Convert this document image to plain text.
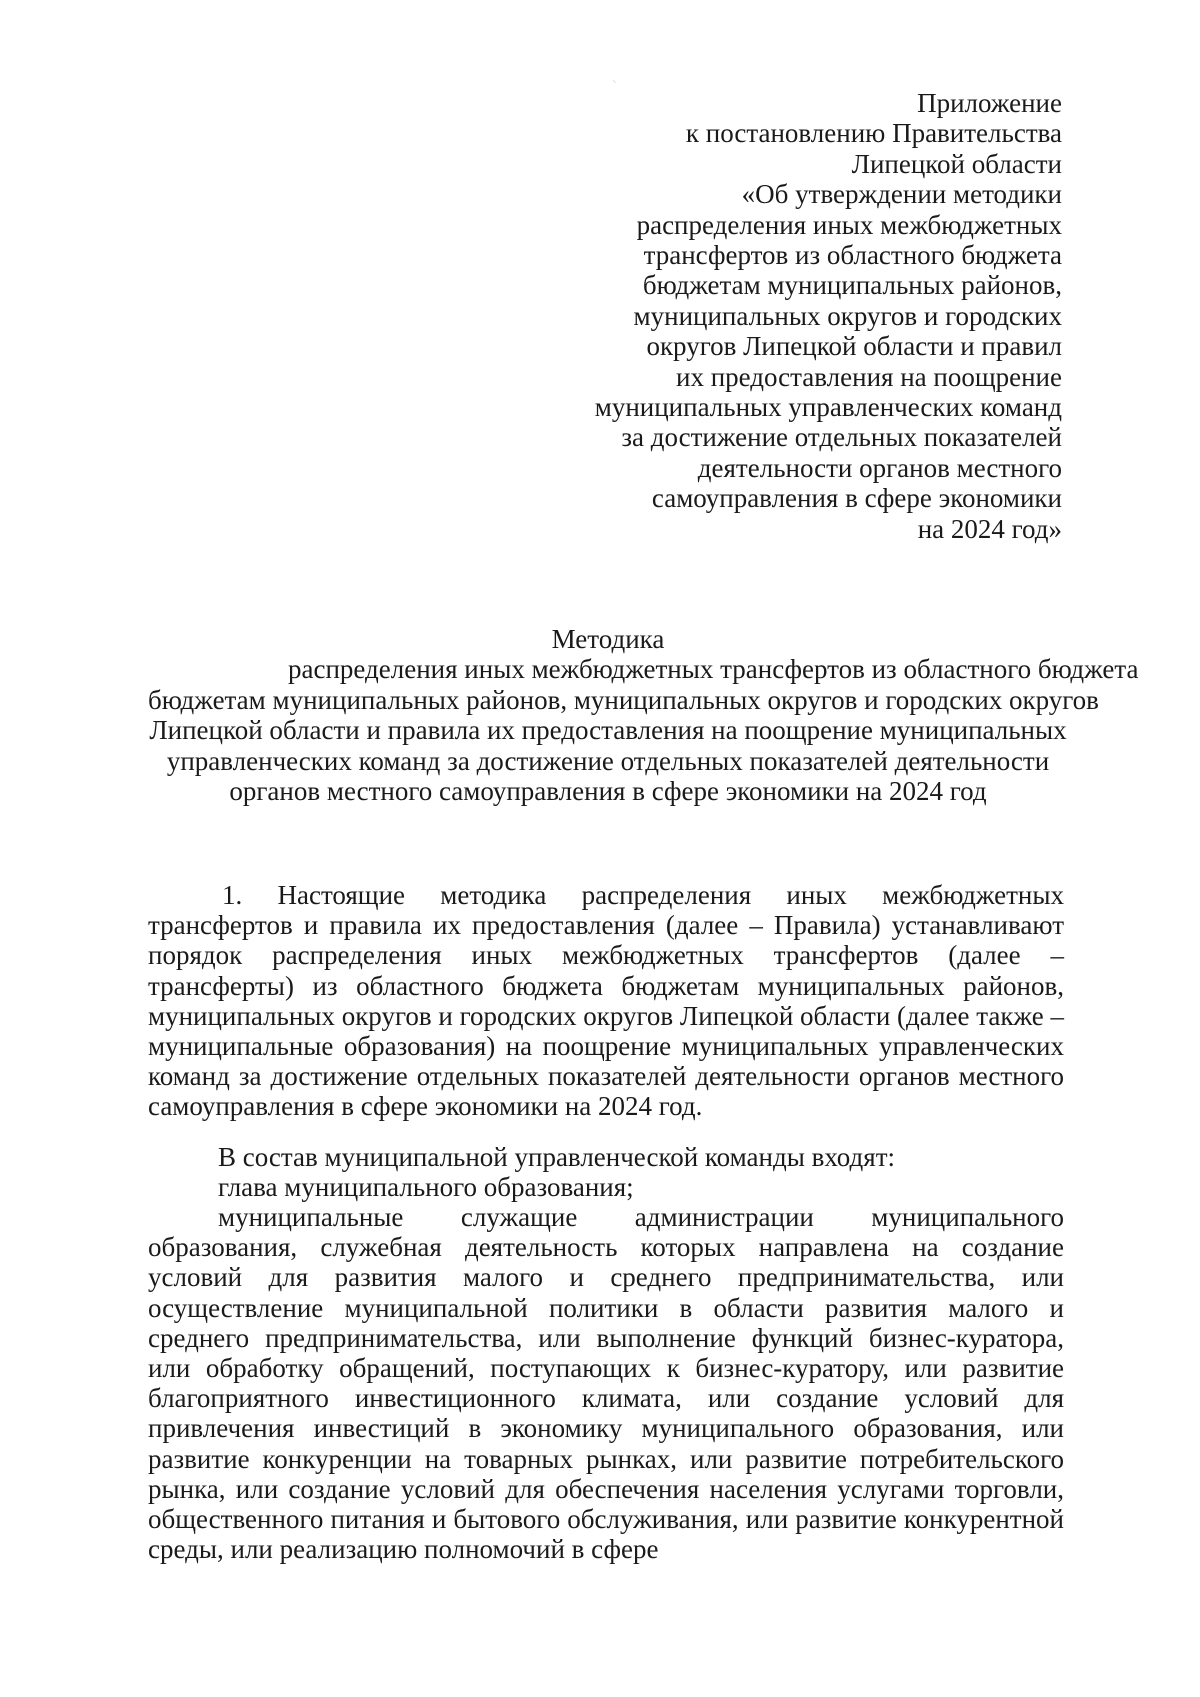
⸌
Приложение
к постановлению Правительства
Липецкой области
«Об утверждении методики
распределения иных межбюджетных
трансфертов из областного бюджета
бюджетам муниципальных районов,
муниципальных округов и городских
округов Липецкой области и правил
их предоставления на поощрение
муниципальных управленческих команд
за достижение отдельных показателей
деятельности органов местного
самоуправления в сфере экономики
на 2024 год»
Методика
распределения иных межбюджетных трансфертов из областного бюджета
бюджетам муниципальных районов, муниципальных округов и городских округов
Липецкой области и правила их предоставления на поощрение муниципальных
управленческих команд за достижение отдельных показателей деятельности
органов местного самоуправления в сфере экономики на 2024 год

1. Настоящие методика распределения иных межбюджетных трансфертов и правила их предоставления (далее – Правила) устанавливают порядок распределения иных межбюджетных трансфертов (далее – трансферты) из областного бюджета бюджетам муниципальных районов, муниципальных округов и городских округов Липецкой области (далее также – муниципальные образования) на поощрение муниципальных управленческих команд за достижение отдельных показателей деятельности органов местного самоуправления в сфере экономики на 2024 год.

В состав муниципальной управленческой команды входят:

глава муниципального образования;

муниципальные служащие администрации муниципального образования, служебная деятельность которых направлена на создание условий для развития малого и среднего предпринимательства, или осуществление муниципальной политики в области развития малого и среднего предпринимательства, или выполнение функций бизнес-куратора, или обработку обращений, поступающих к бизнес-куратору, или развитие благоприятного инвестиционного климата, или создание условий для привлечения инвестиций в экономику муниципального образования, или развитие конкуренции на товарных рынках, или развитие потребительского рынка, или создание условий для обеспечения населения услугами торговли, общественного питания и бытового обслуживания, или развитие конкурентной среды, или реализацию полномочий в сфере
